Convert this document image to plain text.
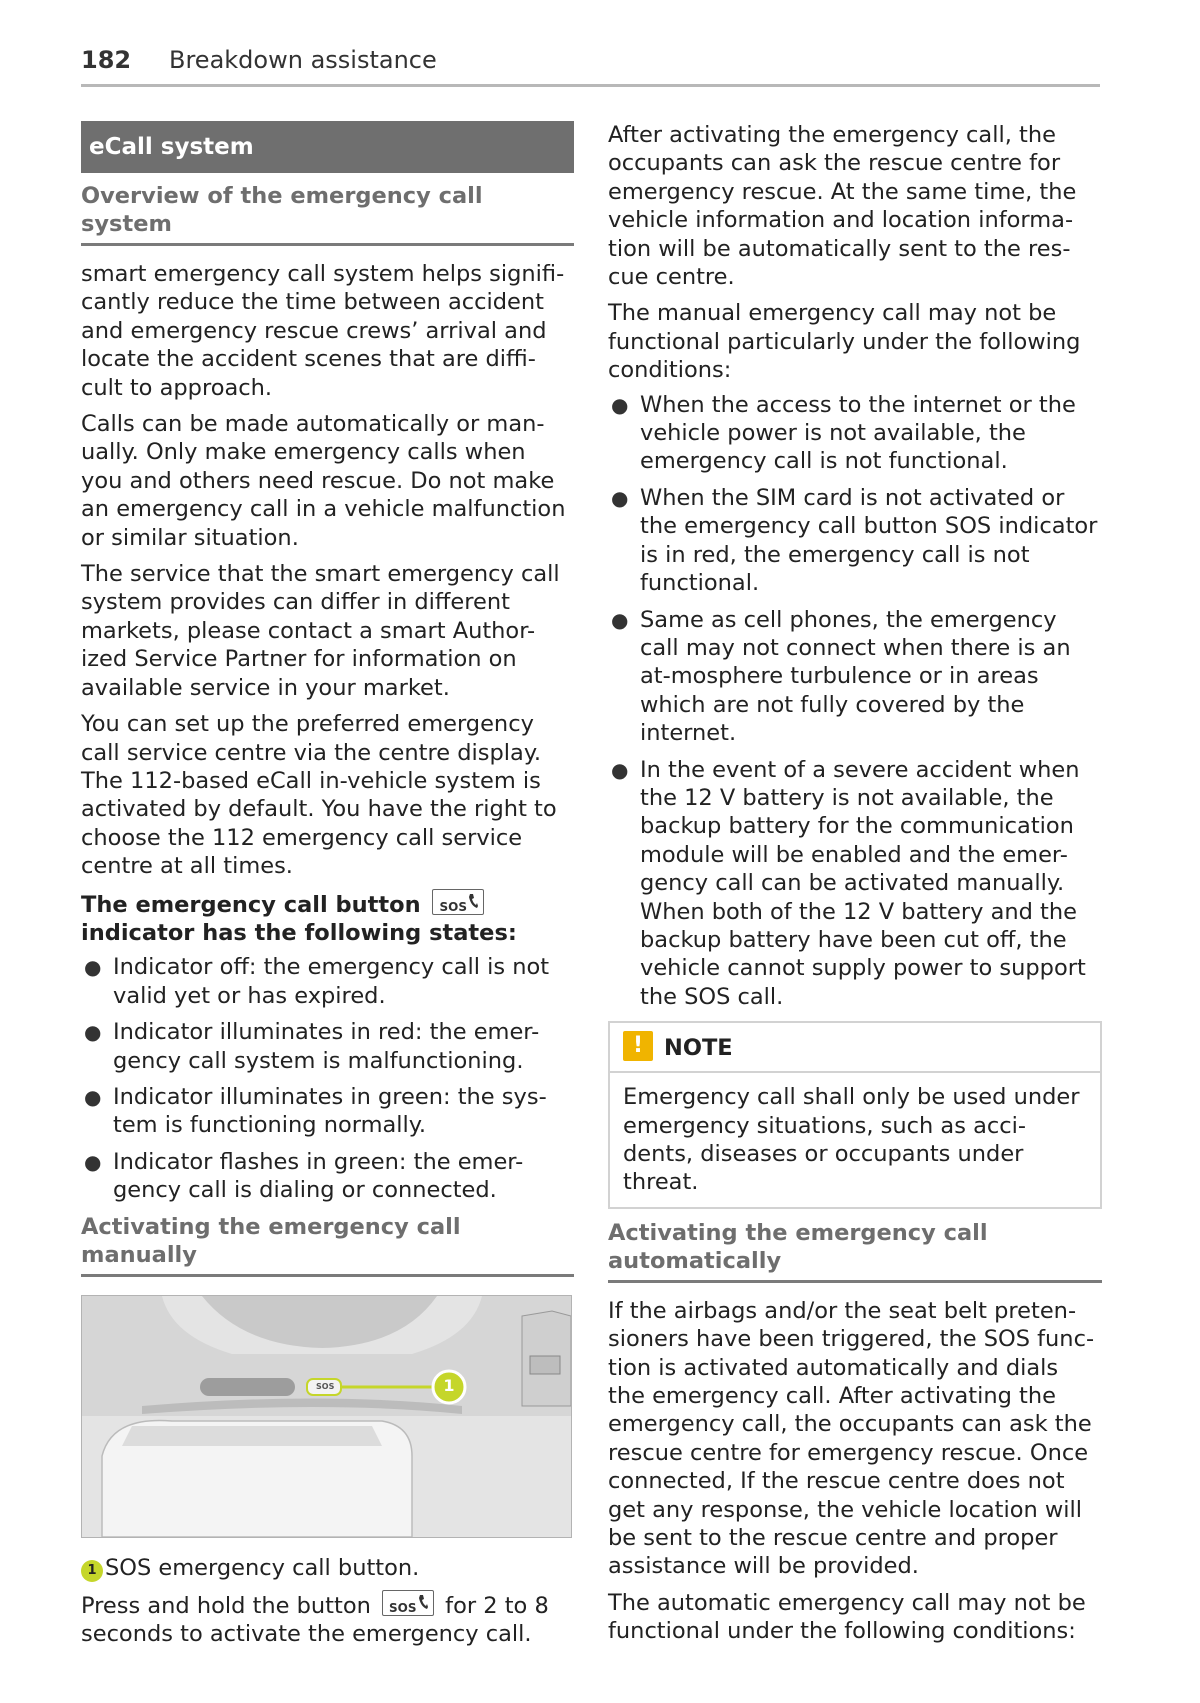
182 Breakdown assistance
eCall system
Overview of the emergency call system

smart emergency call system helps signifi-cantly reduce the time between accident and emergency rescue crews’ arrival and locate the accident scenes that are diffi-cult to approach.

Calls can be made automatically or man-ually. Only make emergency calls when you and others need rescue. Do not make an emergency call in a vehicle malfunction or similar situation.

The service that the smart emergency call system provides can differ in different markets, please contact a smart Author-ized Service Partner for information on available service in your market.

You can set up the preferred emergency call service centre via the centre display. The 112-based eCall in-vehicle system is activated by default. You have the right to choose the 112 emergency call service centre at all times.

The emergency call button SOS
indicator has the following states:

● Indicator off: the emergency call is not valid yet or has expired.
● Indicator illuminates in red: the emer-gency call system is malfunctioning.
● Indicator illuminates in green: the sys-tem is functioning normally.
● Indicator flashes in green: the emer-gency call is dialing or connected.
Activating the emergency call manually
SOS	1

1 SOS emergency call button.

Press and hold the button SOS for 2 to 8 seconds to activate the emergency call.

After activating the emergency call, the occupants can ask the rescue centre for emergency rescue. At the same time, the vehicle information and location informa-tion will be automatically sent to the res-cue centre.

The manual emergency call may not be functional particularly under the following conditions:

● When the access to the internet or the vehicle power is not available, the emergency call is not functional.
● When the SIM card is not activated or the emergency call button SOS indicator is in red, the emergency call is not functional.
● Same as cell phones, the emergency call may not connect when there is an at-mosphere turbulence or in areas which are not fully covered by the internet.
● In the event of a severe accident when the 12 V battery is not available, the backup battery for the communication module will be enabled and the emer-gency call can be activated manually. When both of the 12 V battery and the backup battery have been cut off, the vehicle cannot supply power to support the SOS call.
! NOTE

Emergency call shall only be used under emergency situations, such as acci-dents, diseases or occupants under threat.

Activating the emergency call automatically

If the airbags and/or the seat belt preten-sioners have been triggered, the SOS func-tion is activated automatically and dials the emergency call. After activating the emergency call, the occupants can ask the rescue centre for emergency rescue. Once connected, If the rescue centre does not get any response, the vehicle location will be sent to the rescue centre and proper assistance will be provided.

The automatic emergency call may not be functional under the following conditions:
